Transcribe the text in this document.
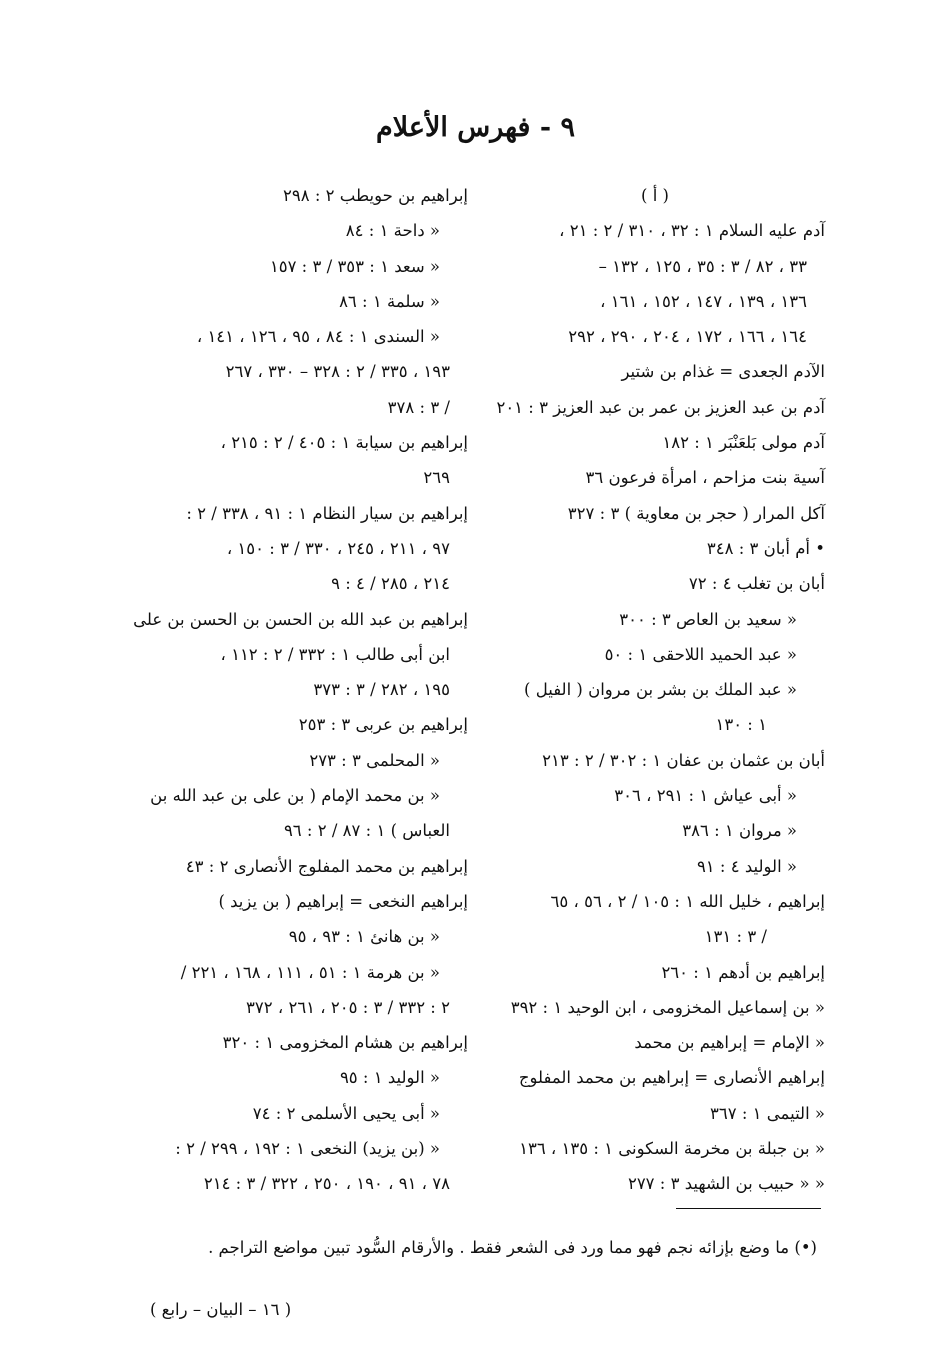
٩ - فهرس الأعلام
( أ )
آدم عليه السلام ١ : ٣٢ ، ٣١٠ / ٢ : ٢١ ،
٣٣ ، ٨٢ / ٣ : ٣٥ ، ١٢٥ ، ١٣٢ –
١٣٦ ، ١٣٩ ، ١٤٧ ، ١٥٢ ، ١٦١ ،
١٦٤ ، ١٦٦ ، ١٧٢ ، ٢٠٤ ، ٢٩٠ ، ٢٩٢
الآدم الجعدى = غذام بن شتير
آدم بن عبد العزيز بن عمر بن عبد العزيز ٣ : ٢٠١
آدم مولى بَلعَنْبَر ١ : ١٨٢
آسية بنت مزاحم ، امرأة فرعون ٣٦
آكل المرار ( حجر بن معاوية ) ٣ : ٣٢٧
• أم أبان ٣ : ٣٤٨
أبان بن تغلب ٤ : ٧٢
« سعيد بن العاص ٣ : ٣٠٠
« عبد الحميد اللاحقى ١ : ٥٠
« عبد الملك بن بشر بن مروان ( الفيل )
١ : ١٣٠
أبان بن عثمان بن عفان ١ : ٣٠٢ / ٢ : ٢١٣
« أبى عياش ١ : ٢٩١ ، ٣٠٦
« مروان ١ : ٣٨٦
« الوليد ٤ : ٩١
إبراهيم ، خليل الله ١ : ١٠٥ / ٢ ، ٥٦ ، ٦٥
/ ٣ : ١٣١
إبراهيم بن أدهم ١ : ٢٦٠
« بن إسماعيل المخزومى ، ابن الوحيد ١ : ٣٩٢
« الإمام = إبراهيم بن محمد
إبراهيم الأنصارى = إبراهيم بن محمد المفلوج
« التيمى ١ : ٣٦٧
« بن جبلة بن مخرمة السكونى ١ : ١٣٥ ، ١٣٦
« « حبيب بن الشهيد ٣ : ٢٧٧
إبراهيم بن حويطب ٢ : ٢٩٨
« داحة ١ : ٨٤
« سعد ١ : ٣٥٣ / ٣ : ١٥٧
« سلمة ١ : ٨٦
« السندى ١ : ٨٤ ، ٩٥ ، ١٢٦ ، ١٤١ ،
١٩٣ ، ٣٣٥ / ٢ : ٣٢٨ – ٣٣٠ ، ٢٦٧
/ ٣ : ٣٧٨
إبراهيم بن سيابة ١ : ٤٠٥ / ٢ : ٢١٥ ،
٢٦٩
إبراهيم بن سيار النظام ١ : ٩١ ، ٣٣٨ / ٢ :
٩٧ ، ٢١١ ، ٢٤٥ ، ٣٣٠ / ٣ : ١٥٠ ،
٢١٤ ، ٢٨٥ / ٤ : ٩
إبراهيم بن عبد الله بن الحسن بن الحسن بن على
ابن أبى طالب ١ : ٣٣٢ / ٢ : ١١٢ ،
١٩٥ ، ٢٨٢ / ٣ : ٣٧٣
إبراهيم بن عربى ٣ : ٢٥٣
« المحلمى ٣ : ٢٧٣
« بن محمد الإمام ( بن على بن عبد الله بن
العباس ) ١ : ٨٧ / ٢ : ٩٦
إبراهيم بن محمد المفلوج الأنصارى ٢ : ٤٣
إبراهيم النخعى = إبراهيم ( بن يزيد )
« بن هانئ ١ : ٩٣ ، ٩٥
« بن هرمة ١ : ٥١ ، ١١١ ، ١٦٨ ، ٢٢١ /
٢ : ٣٣٢ / ٣ : ٢٠٥ ، ٢٦١ ، ٣٧٢
إبراهيم بن هشام المخزومى ١ : ٣٢٠
« الوليد ١ : ٩٥
« أبى يحيى الأسلمى ٢ : ٧٤
« (بن يزيد) النخعى ١ : ١٩٢ ، ٢٩٩ / ٢ :
٧٨ ، ٩١ ، ١٩٠ ، ٢٥٠ ، ٣٢٢ / ٣ : ٢١٤
(•) ما وضع بإزائه نجم فهو مما ورد فى الشعر فقط . والأرقام السُّود تبين مواضع التراجم .
( ١٦ – البيان – رابع )
